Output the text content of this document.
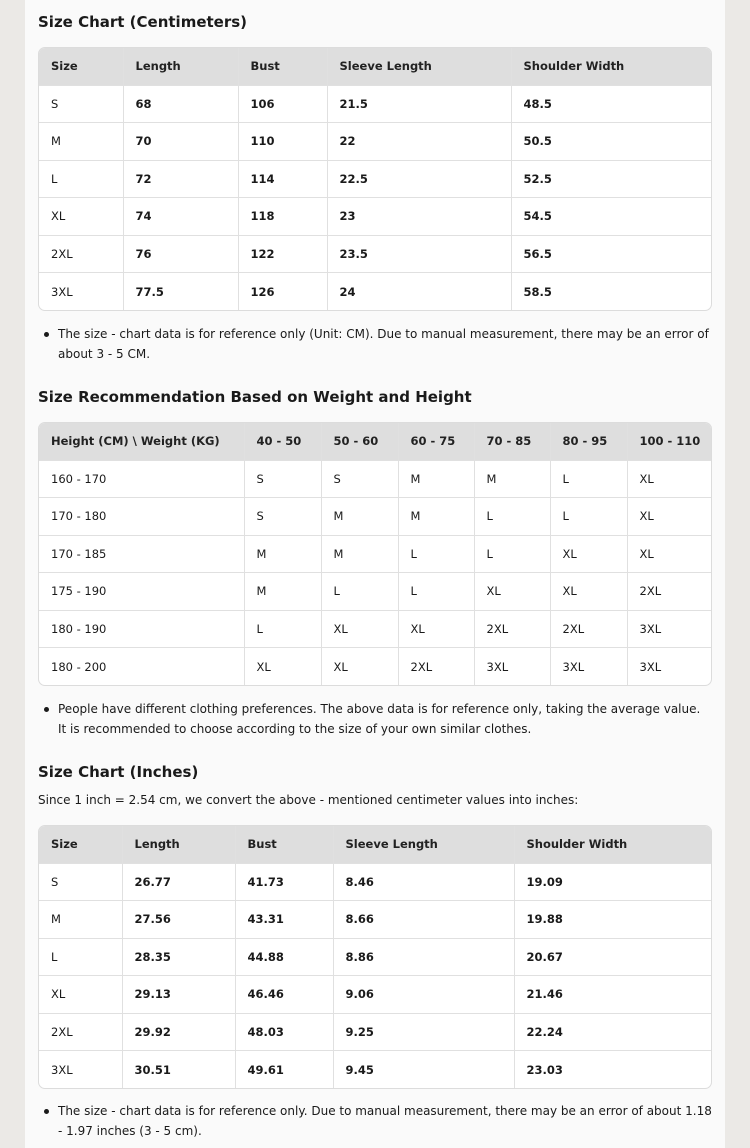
Size Chart (Centimeters)
Size	Length	Bust	Sleeve Length	Shoulder Width
S	68	106	21.5	48.5
M	70	110	22	50.5
L	72	114	22.5	52.5
XL	74	118	23	54.5
2XL	76	122	23.5	56.5
3XL	77.5	126	24	58.5
The size - chart data is for reference only (Unit: CM). Due to manual measurement, there may be an error of about 3 - 5 CM.
Size Recommendation Based on Weight and Height
Height (CM) \ Weight (KG)	40 - 50	50 - 60	60 - 75	70 - 85	80 - 95	100 - 110
160 - 170	S	S	M	M	L	XL
170 - 180	S	M	M	L	L	XL
170 - 185	M	M	L	L	XL	XL
175 - 190	M	L	L	XL	XL	2XL
180 - 190	L	XL	XL	2XL	2XL	3XL
180 - 200	XL	XL	2XL	3XL	3XL	3XL
People have different clothing preferences. The above data is for reference only, taking the average value. It is recommended to choose according to the size of your own similar clothes.
Size Chart (Inches)

Since 1 inch = 2.54 cm, we convert the above - mentioned centimeter values into inches:

Size	Length	Bust	Sleeve Length	Shoulder Width
S	26.77	41.73	8.46	19.09
M	27.56	43.31	8.66	19.88
L	28.35	44.88	8.86	20.67
XL	29.13	46.46	9.06	21.46
2XL	29.92	48.03	9.25	22.24
3XL	30.51	49.61	9.45	23.03
The size - chart data is for reference only. Due to manual measurement, there may be an error of about 1.18 - 1.97 inches (3 - 5 cm).
